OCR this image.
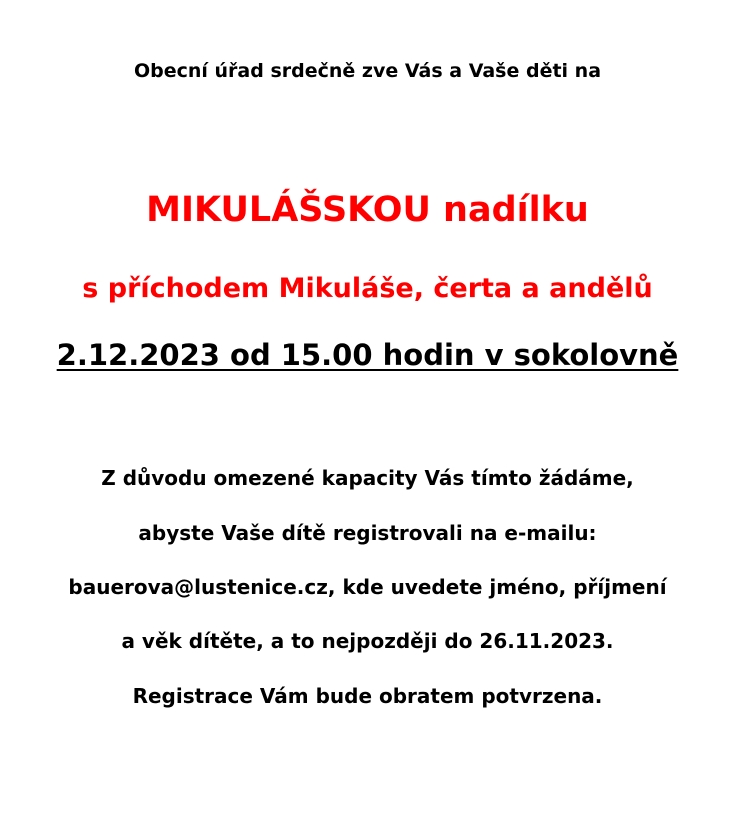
Obecní úřad srdečně zve Vás a Vaše děti na
MIKULÁŠSKOU nadílku
s příchodem Mikuláše, čerta a andělů
2.12.2023 od 15.00 hodin v sokolovně
Z důvodu omezené kapacity Vás tímto žádáme,
abyste Vaše dítě registrovali na e-mailu:
bauerova@lustenice.cz, kde uvedete jméno, příjmení
a věk dítěte, a to nejpozději do 26.11.2023.
Registrace Vám bude obratem potvrzena.
